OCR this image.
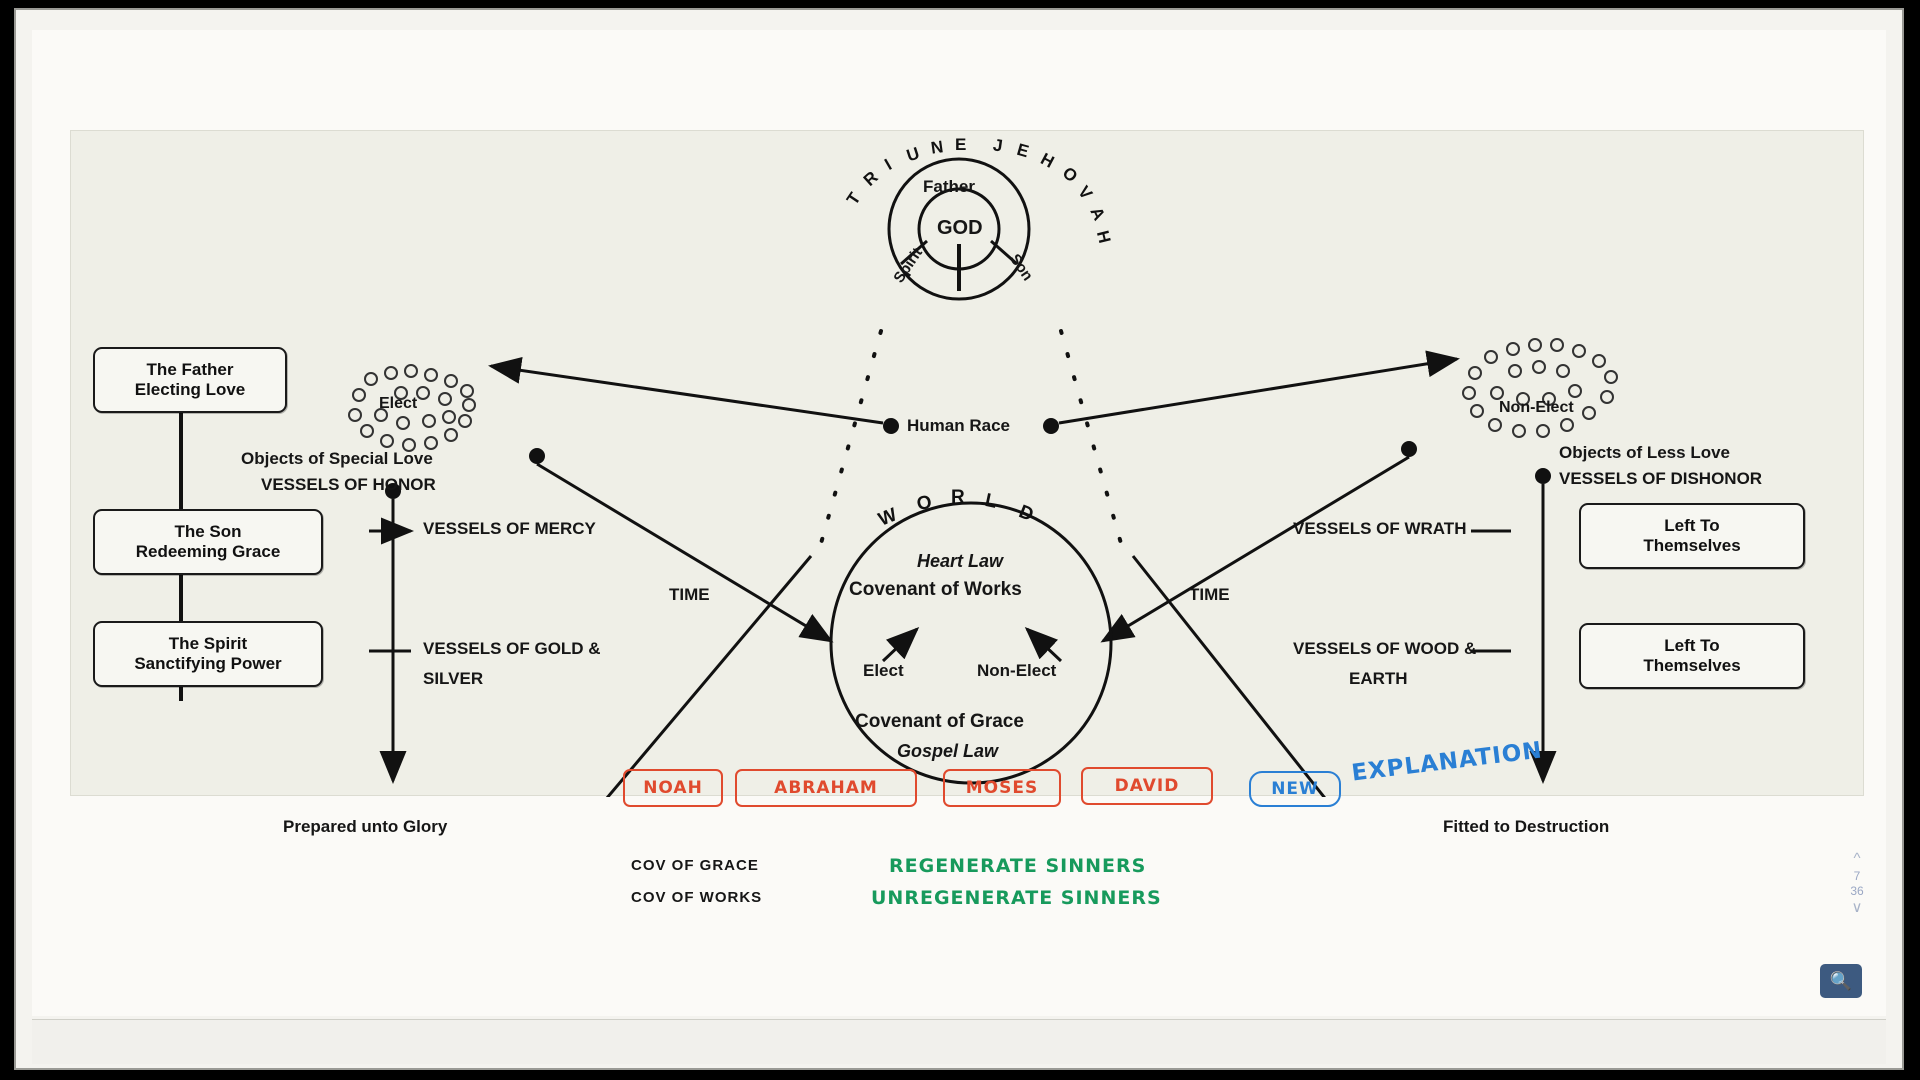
T
R
I U N E J E H
O
V
A
H
Father
GOD
Spirit	Son
The Father
Electing Love
The Son
Redeeming Grace
The Spirit
Sanctifying Power
Elect
Objects of Special Love
VESSELS OF HONOR
VESSELS OF MERCY
VESSELS OF GOLD &
SILVER
TIME
Prepared unto Glory
Human Race
W
O R L D
Heart Law
Covenant of Works
Elect	Non-Elect
Covenant of Grace
Gospel Law
Non-Elect
Objects of Less Love
VESSELS OF DISHONOR
VESSELS OF WRATH
VESSELS OF WOOD &
EARTH
TIME
Fitted to Destruction
Left To
Themselves
Left To
Themselves
NOAH	ABRAHAM	MOSES	DAVID	NEW
EXPLANATION
REGENERATE SINNERS
UNREGENERATE SINNERS
COV OF GRACE
COV OF WORKS
^
7
36
∨
🔍
